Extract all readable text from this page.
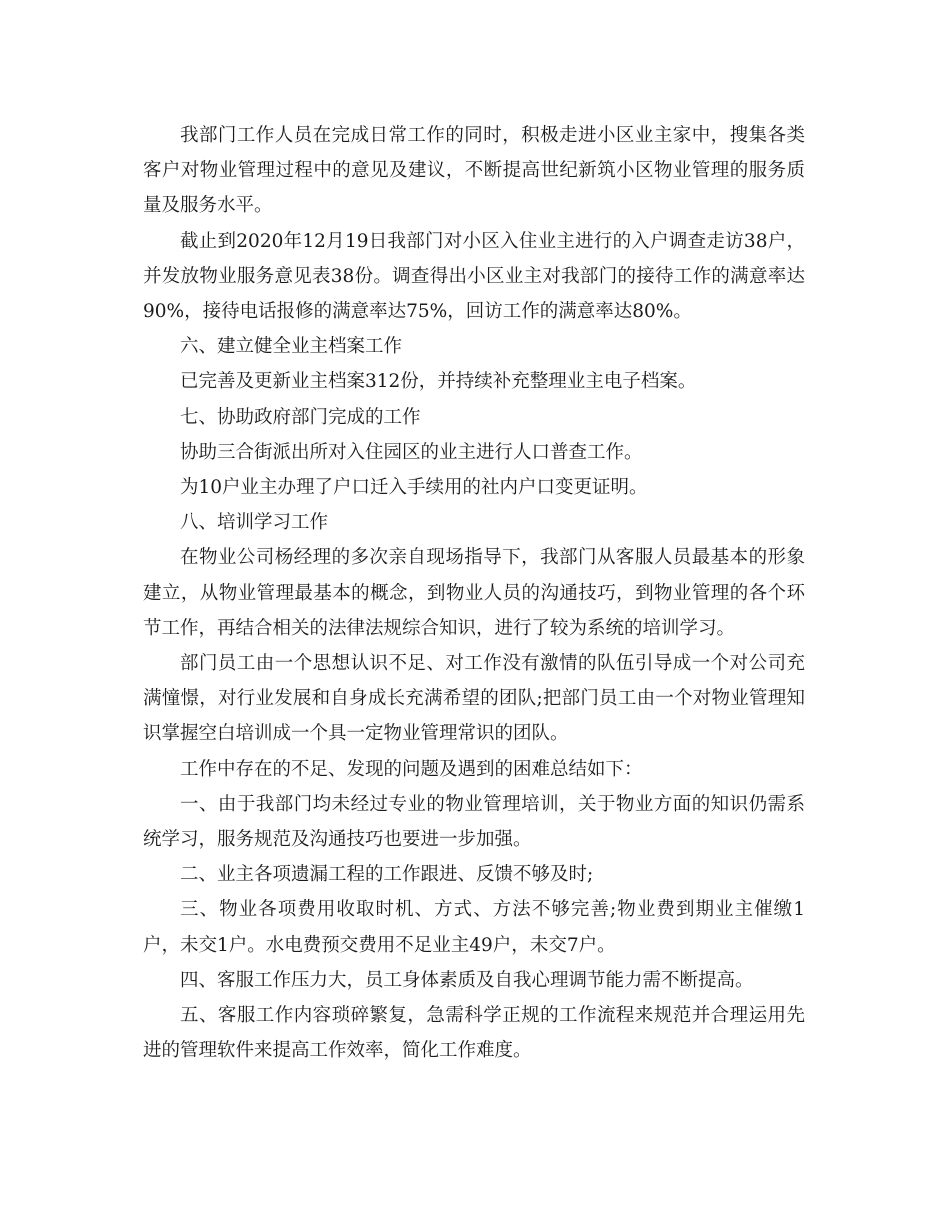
我部门工作人员在完成日常工作的同时，积极走进小区业主家中，搜集各类客户对物业管理过程中的意见及建议，不断提高世纪新筑小区物业管理的服务质量及服务水平。

截止到2020年12月19日我部门对小区入住业主进行的入户调查走访38户，并发放物业服务意见表38份。调查得出小区业主对我部门的接待工作的满意率达90%，接待电话报修的满意率达75%，回访工作的满意率达80%。

六、建立健全业主档案工作

已完善及更新业主档案312份，并持续补充整理业主电子档案。

七、协助政府部门完成的工作

协助三合街派出所对入住园区的业主进行人口普查工作。

为10户业主办理了户口迁入手续用的社内户口变更证明。

八、培训学习工作

在物业公司杨经理的多次亲自现场指导下，我部门从客服人员最基本的形象建立，从物业管理最基本的概念，到物业人员的沟通技巧，到物业管理的各个环节工作，再结合相关的法律法规综合知识，进行了较为系统的培训学习。

部门员工由一个思想认识不足、对工作没有激情的队伍引导成一个对公司充满憧憬，对行业发展和自身成长充满希望的团队;把部门员工由一个对物业管理知识掌握空白培训成一个具一定物业管理常识的团队。

工作中存在的不足、发现的问题及遇到的困难总结如下：

一、由于我部门均未经过专业的物业管理培训，关于物业方面的知识仍需系统学习，服务规范及沟通技巧也要进一步加强。

二、业主各项遗漏工程的工作跟进、反馈不够及时;

三、物业各项费用收取时机、方式、方法不够完善;物业费到期业主催缴1户，未交1户。水电费预交费用不足业主49户，未交7户。

四、客服工作压力大，员工身体素质及自我心理调节能力需不断提高。

五、客服工作内容琐碎繁复，急需科学正规的工作流程来规范并合理运用先进的管理软件来提高工作效率，简化工作难度。
